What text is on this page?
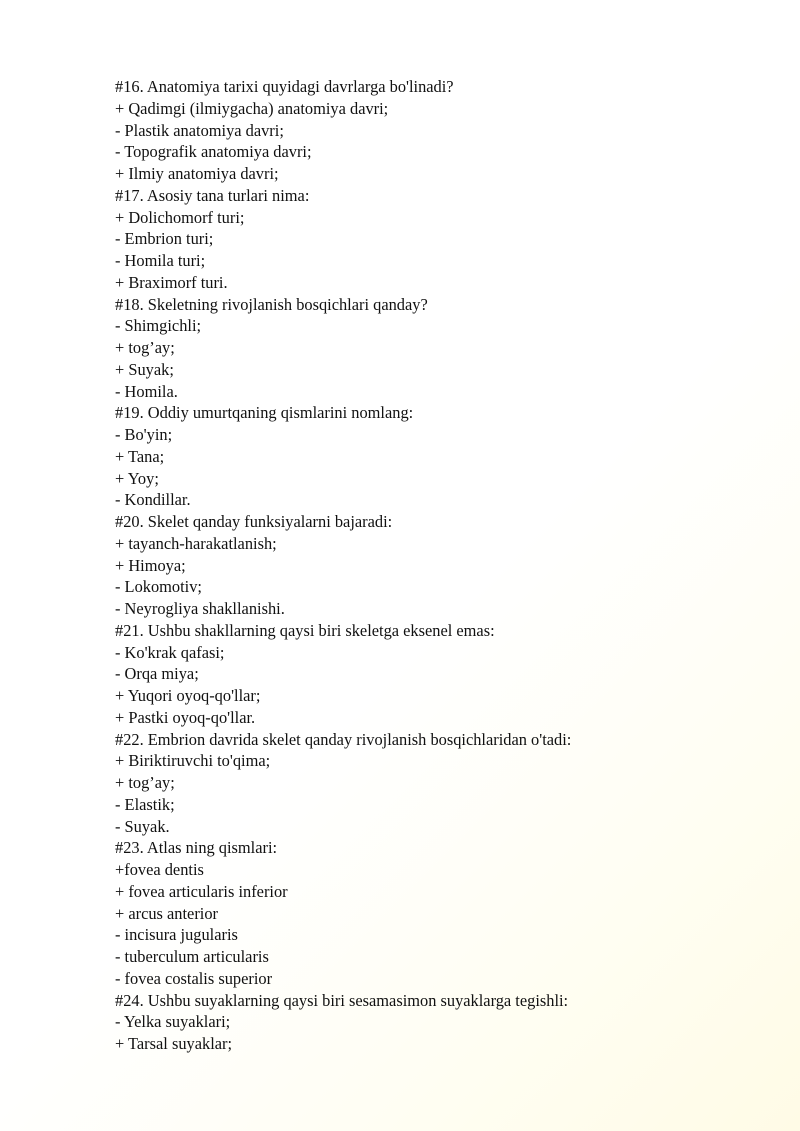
#16. Anatomiya tarixi quyidagi davrlarga bo'linadi?
+ Qadimgi (ilmiygacha) anatomiya davri;
- Plastik anatomiya davri;
- Topografik anatomiya davri;
+ Ilmiy anatomiya davri;
#17. Asosiy tana turlari nima:
+ Dolichomorf turi;
- Embrion turi;
- Homila turi;
+ Braximorf turi.
#18. Skeletning rivojlanish bosqichlari qanday?
- Shimgichli;
+ tog’ay;
+ Suyak;
- Homila.
#19. Oddiy umurtqaning qismlarini nomlang:
- Bo'yin;
+ Tana;
+ Yoy;
- Kondillar.
#20. Skelet qanday funksiyalarni bajaradi:
+ tayanch-harakatlanish;
+ Himoya;
- Lokomotiv;
- Neyrogliya shakllanishi.
#21. Ushbu shakllarning qaysi biri skeletga eksenel emas:
- Ko'krak qafasi;
- Orqa miya;
+ Yuqori oyoq-qo'llar;
+ Pastki oyoq-qo'llar.
#22. Embrion davrida skelet qanday rivojlanish bosqichlaridan o'tadi:
+ Biriktiruvchi to'qima;
+ tog’ay;
- Elastik;
- Suyak.
#23. Atlas ning qismlari:
+fovea dentis
+ fovea articularis inferior
+ arcus anterior
- incisura jugularis
- tuberculum articularis
- fovea costalis superior
#24. Ushbu suyaklarning qaysi biri sesamasimon suyaklarga tegishli:
- Yelka suyaklari;
+ Tarsal suyaklar;
